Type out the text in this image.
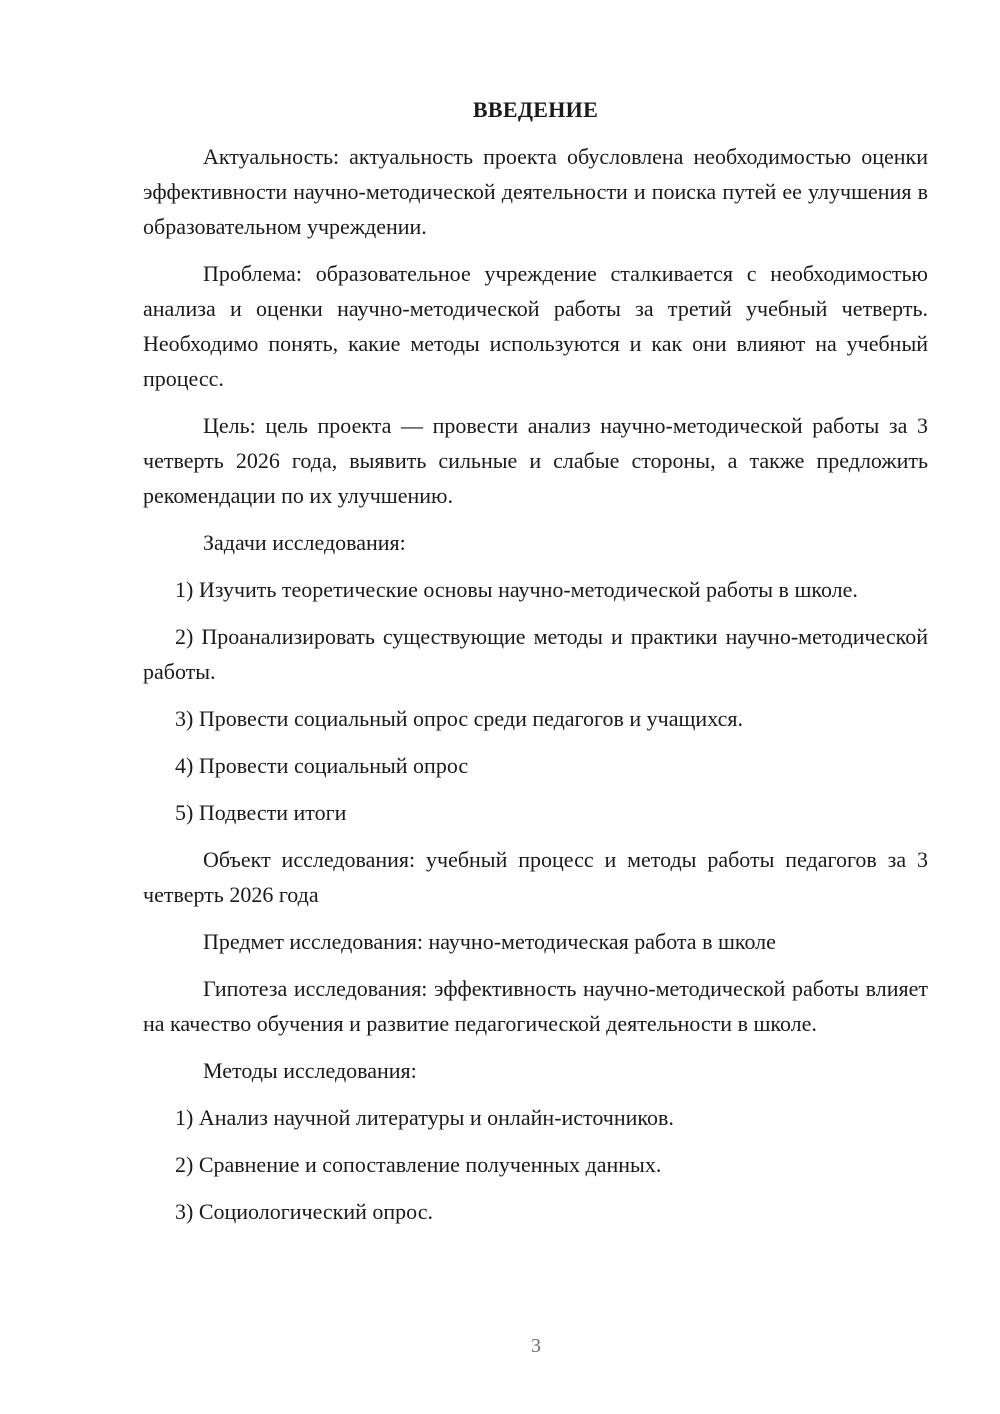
ВВЕДЕНИЕ

Актуальность: актуальность проекта обусловлена необходимостью оценки эффективности научно-методической деятельности и поиска путей ее улучшения в образовательном учреждении.

Проблема: образовательное учреждение сталкивается с необходимостью анализа и оценки научно-методической работы за третий учебный четверть. Необходимо понять, какие методы используются и как они влияют на учебный процесс.

Цель: цель проекта — провести анализ научно-методической работы за 3 четверть 2026 года, выявить сильные и слабые стороны, а также предложить рекомендации по их улучшению.

Задачи исследования:

1) Изучить теоретические основы научно-методической работы в школе.

2) Проанализировать существующие методы и практики научно-методической работы.

3) Провести социальный опрос среди педагогов и учащихся.

4) Провести социальный опрос

5) Подвести итоги

Объект исследования: учебный процесс и методы работы педагогов за 3 четверть 2026 года

Предмет исследования: научно-методическая работа в школе

Гипотеза исследования: эффективность научно-методической работы влияет на качество обучения и развитие педагогической деятельности в школе.

Методы исследования:

1) Анализ научной литературы и онлайн-источников.

2) Сравнение и сопоставление полученных данных.

3) Социологический опрос.

3
